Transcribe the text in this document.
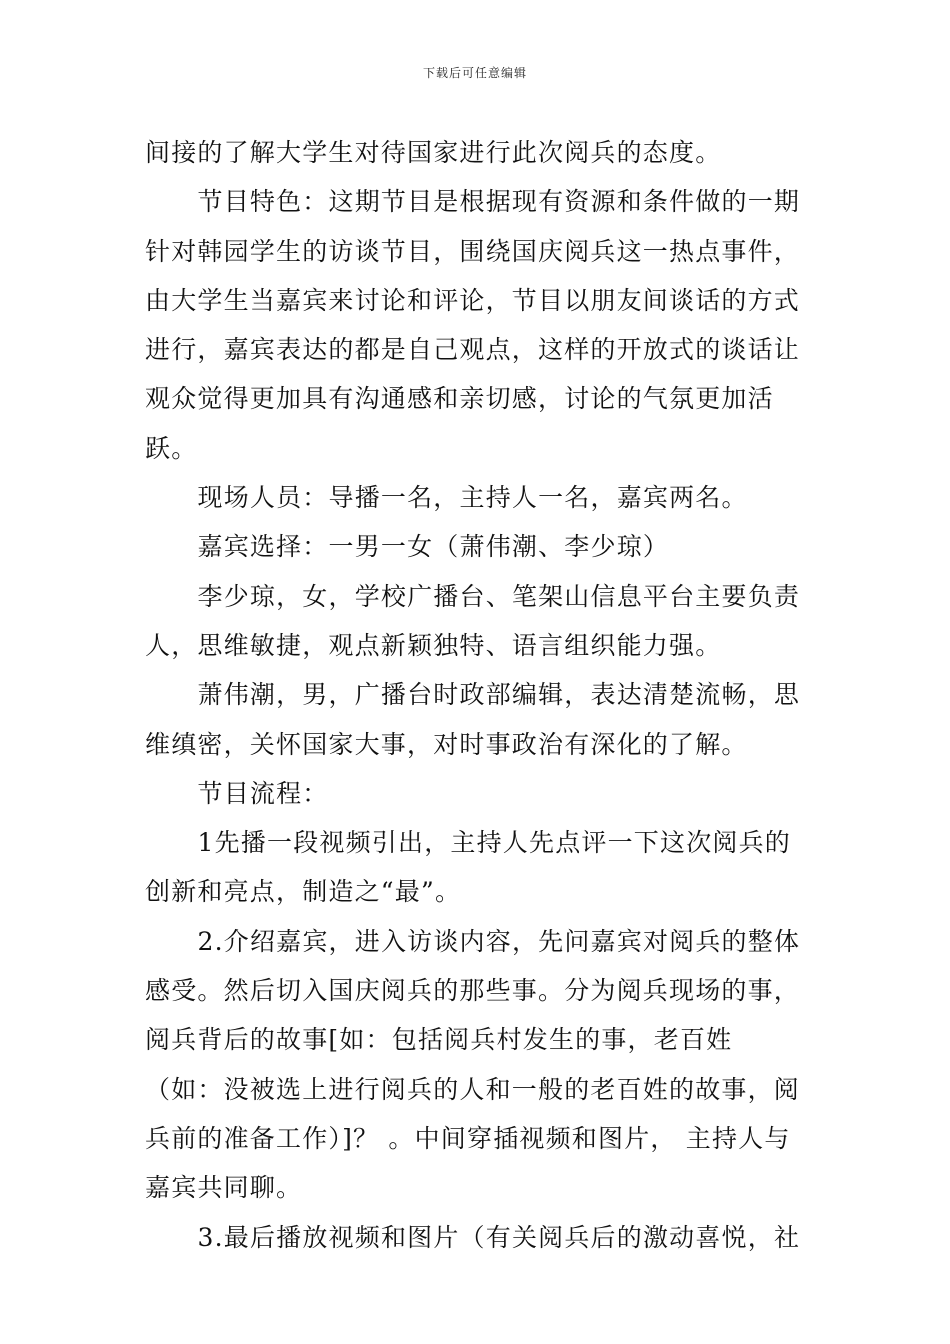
下载后可任意编辑

间接的了解大学生对待国家进行此次阅兵的态度。

节目特色：这期节目是根据现有资源和条件做的一期针对韩园学生的访谈节目，围绕国庆阅兵这一热点事件，由大学生当嘉宾来讨论和评论，节目以朋友间谈话的方式进行，嘉宾表达的都是自己观点，这样的开放式的谈话让观众觉得更加具有沟通感和亲切感，讨论的气氛更加活跃。

现场人员：导播一名，主持人一名，嘉宾两名。

嘉宾选择：一男一女（萧伟潮、李少琼）

李少琼，女，学校广播台、笔架山信息平台主要负责人，思维敏捷，观点新颖独特、语言组织能力强。

萧伟潮，男，广播台时政部编辑，表达清楚流畅，思维缜密，关怀国家大事，对时事政治有深化的了解。

节目流程：

1先播一段视频引出，主持人先点评一下这次阅兵的创新和亮点，制造之“最”。

2.介绍嘉宾，进入访谈内容，先问嘉宾对阅兵的整体感受。然后切入国庆阅兵的那些事。分为阅兵现场的事，阅兵背后的故事[如：包括阅兵村发生的事，老百姓（如：没被选上进行阅兵的人和一般的老百姓的故事，阅兵前的准备工作）]？ 。中间穿插视频和图片， 主持人与嘉宾共同聊。

3.最后播放视频和图片（有关阅兵后的激动喜悦，社
